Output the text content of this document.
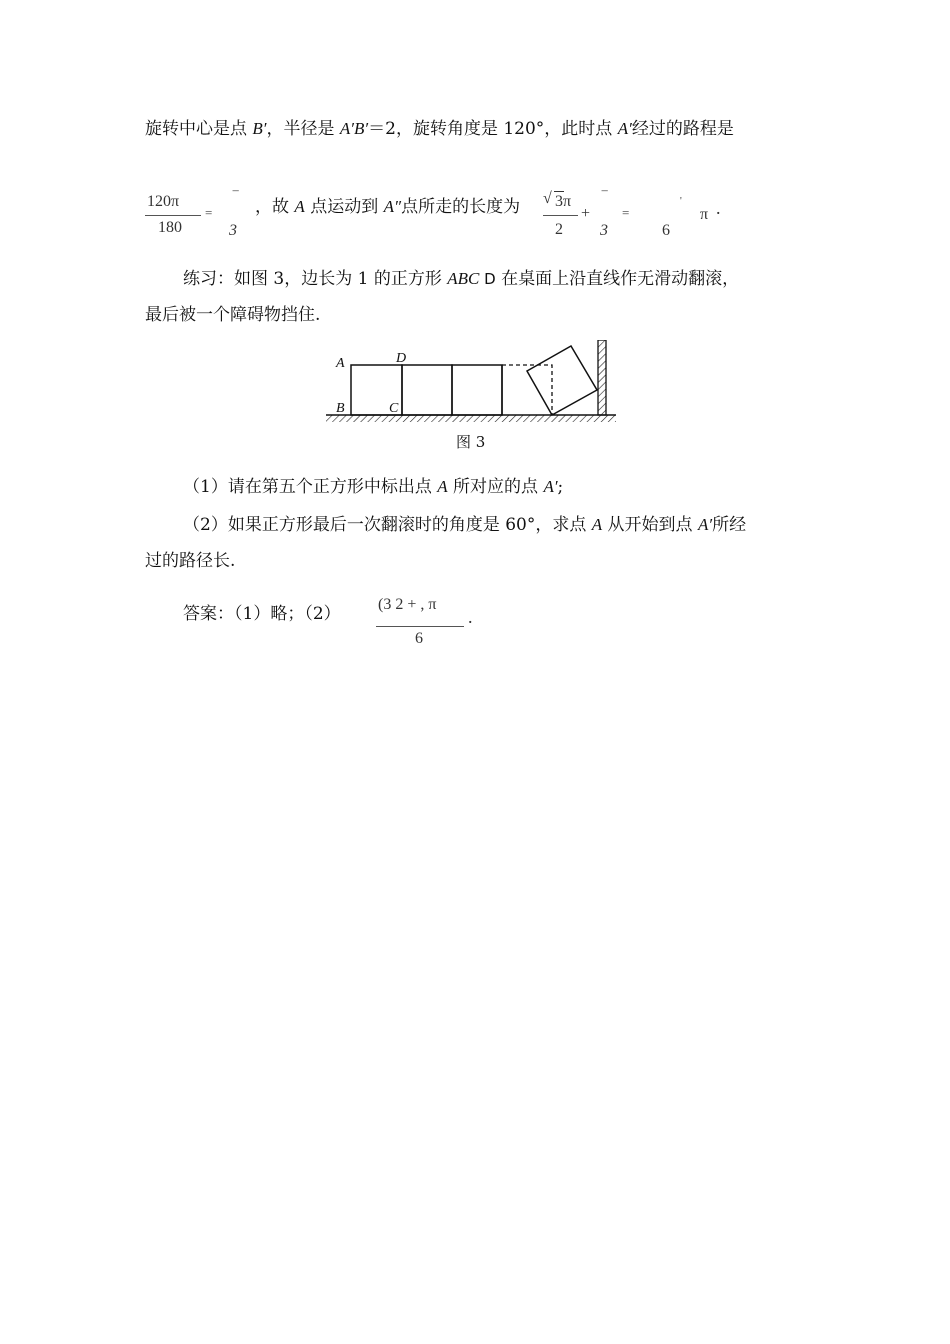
旋转中心是点 B′，半径是 A′B′＝2，旋转角度是 120°，此时点 A′经过的路程是
120π
180
=
‾
3
，故 A 点运动到 A″点所走的长度为 √ 3π
2
+
‾
3
=
'
6
π .
练习：如图 3，边长为 1 的正方形 ABC D 在桌面上沿直线作无滑动翻滚，
最后被一个障碍物挡住.
A	D
B	C
图 3
（1）请在第五个正方形中标出点 A 所对应的点 A′;
（2）如果正方形最后一次翻滚时的角度是 60°，求点 A 从开始到点 A′所经
过的路径长.
答案：（1）略；（2） (3 2 + , π
6
.
